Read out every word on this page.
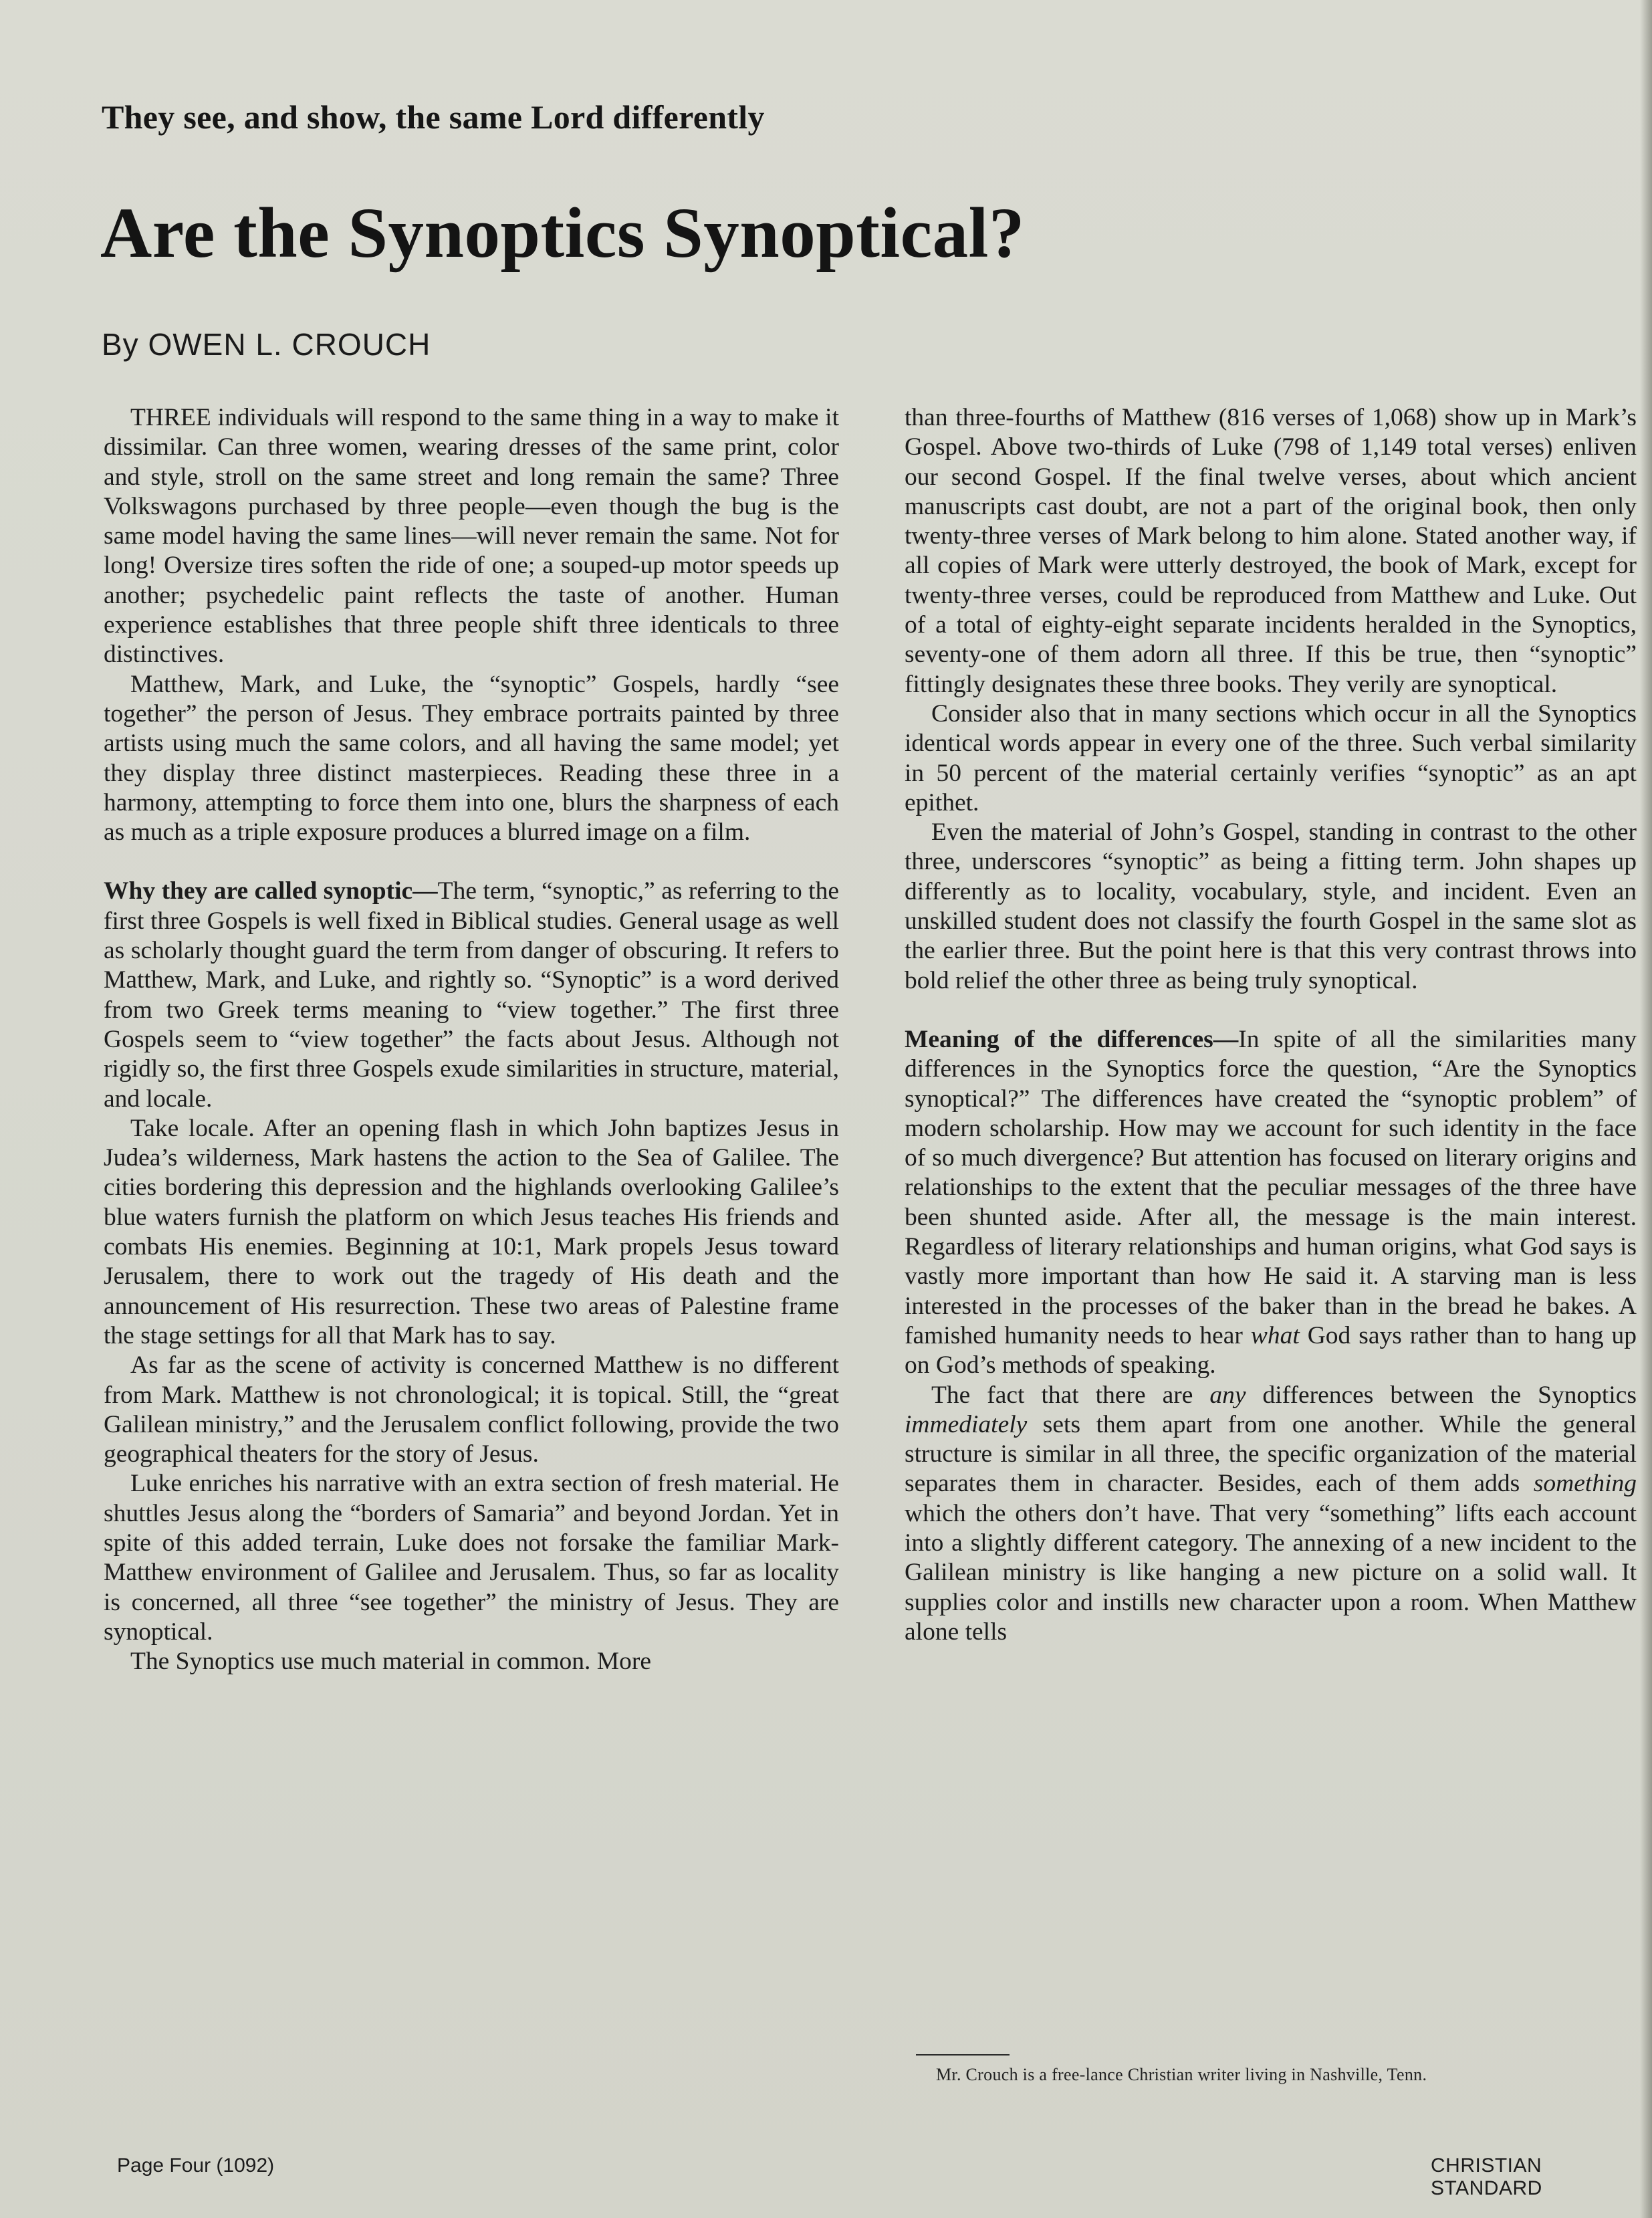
They see, and show, the same Lord differently
Are the Synoptics Synoptical?
By OWEN L. CROUCH

THREE individuals will respond to the same thing in a way to make it dissimilar. Can three women, wearing dresses of the same print, color and style, stroll on the same street and long remain the same? Three Volkswagons purchased by three people—even though the bug is the same model having the same lines—will never remain the same. Not for long! Oversize tires soften the ride of one; a souped-up motor speeds up another; psychedelic paint reflects the taste of another. Human experience establishes that three people shift three identicals to three distinctives.

Matthew, Mark, and Luke, the “synoptic” Gospels, hardly “see together” the person of Jesus. They embrace portraits painted by three artists using much the same colors, and all having the same model; yet they display three distinct masterpieces. Reading these three in a harmony, attempting to force them into one, blurs the sharpness of each as much as a triple exposure produces a blurred image on a film.

Why they are called synoptic—The term, “synoptic,” as referring to the first three Gospels is well fixed in Biblical studies. General usage as well as scholarly thought guard the term from danger of obscuring. It refers to Matthew, Mark, and Luke, and rightly so. “Synoptic” is a word derived from two Greek terms meaning to “view together.” The first three Gospels seem to “view together” the facts about Jesus. Although not rigidly so, the first three Gospels exude similarities in structure, material, and locale.

Take locale. After an opening flash in which John baptizes Jesus in Judea’s wilderness, Mark hastens the action to the Sea of Galilee. The cities bordering this depression and the highlands overlooking Galilee’s blue waters furnish the platform on which Jesus teaches His friends and combats His enemies. Beginning at 10:1, Mark propels Jesus toward Jerusalem, there to work out the tragedy of His death and the announcement of His resurrection. These two areas of Palestine frame the stage settings for all that Mark has to say.

As far as the scene of activity is concerned Matthew is no different from Mark. Matthew is not chronological; it is topical. Still, the “great Galilean ministry,” and the Jerusalem conflict following, provide the two geographical theaters for the story of Jesus.

Luke enriches his narrative with an extra section of fresh material. He shuttles Jesus along the “borders of Samaria” and beyond Jordan. Yet in spite of this added terrain, Luke does not forsake the familiar Mark-Matthew environment of Galilee and Jerusalem. Thus, so far as locality is concerned, all three “see together” the ministry of Jesus. They are synoptical.

The Synoptics use much material in common. More

than three-fourths of Matthew (816 verses of 1,068) show up in Mark’s Gospel. Above two-thirds of Luke (798 of 1,149 total verses) enliven our second Gospel. If the final twelve verses, about which ancient manuscripts cast doubt, are not a part of the original book, then only twenty-three verses of Mark belong to him alone. Stated another way, if all copies of Mark were utterly destroyed, the book of Mark, except for twenty-three verses, could be reproduced from Matthew and Luke. Out of a total of eighty-eight separate incidents heralded in the Synoptics, seventy-one of them adorn all three. If this be true, then “synoptic” fittingly designates these three books. They verily are synoptical.

Consider also that in many sections which occur in all the Synoptics identical words appear in every one of the three. Such verbal similarity in 50 percent of the material certainly verifies “synoptic” as an apt epithet.

Even the material of John’s Gospel, standing in contrast to the other three, underscores “synoptic” as being a fitting term. John shapes up differently as to locality, vocabulary, style, and incident. Even an unskilled student does not classify the fourth Gospel in the same slot as the earlier three. But the point here is that this very contrast throws into bold relief the other three as being truly synoptical.

Meaning of the differences—In spite of all the similarities many differences in the Synoptics force the question, “Are the Synoptics synoptical?” The differences have created the “synoptic problem” of modern scholarship. How may we account for such identity in the face of so much divergence? But attention has focused on literary origins and relationships to the extent that the peculiar messages of the three have been shunted aside. After all, the message is the main interest. Regardless of literary relationships and human origins, what God says is vastly more important than how He said it. A starving man is less interested in the processes of the baker than in the bread he bakes. A famished humanity needs to hear what God says rather than to hang up on God’s methods of speaking.

The fact that there are any differences between the Synoptics immediately sets them apart from one another. While the general structure is similar in all three, the specific organization of the material separates them in character. Besides, each of them adds something which the others don’t have. That very “something” lifts each account into a slightly different category. The annexing of a new incident to the Galilean ministry is like hanging a new picture on a solid wall. It supplies color and instills new character upon a room. When Matthew alone tells

Mr. Crouch is a free-lance Christian writer living in Nashville, Tenn.
Page Four (1092)	CHRISTIAN STANDARD
